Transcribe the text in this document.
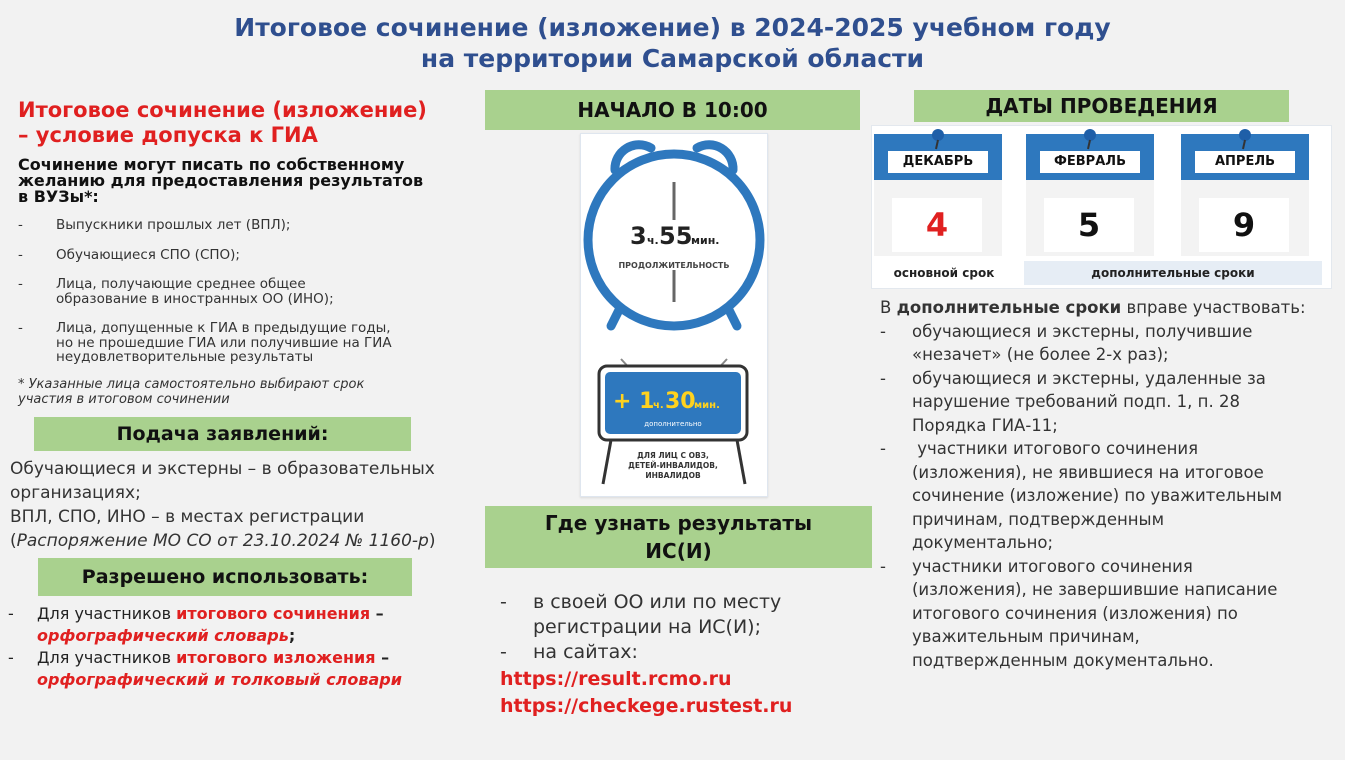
Итоговое сочинение (изложение) в 2024-2025 учебном году
на территории Самарской области
Итоговое сочинение (изложение)
– условие допуска к ГИА
Сочинение могут писать по собственному
желанию для предоставления результатов
в ВУЗы*:
- Выпускники прошлых лет (ВПЛ);
- Обучающиеся СПО (СПО);
- Лица, получающие среднее общее
образование в иностранных ОО (ИНО);
- Лица, допущенные к ГИА в предыдущие годы,
но не прошедшие ГИА или получившие на ГИА
неудовлетворительные результаты
* Указанные лица самостоятельно выбирают срок
участия в итоговом сочинении
Подача заявлений:
Обучающиеся и экстерны – в образовательных
организациях;
ВПЛ, СПО, ИНО – в местах регистрации
(Распоряжение МО СО от 23.10.2024 № 1160-р)
Разрешено использовать:
- Для участников итогового сочинения –
орфографический словарь;
- Для участников итогового изложения –
орфографический и толковый словари
НАЧАЛО В 10:00
3 ч. 55
мин.
ПРОДОЛЖИТЕЛЬНОСТЬ
+ 1
ч. 30
мин.
дополнительно
ДЛЯ ЛИЦ С ОВЗ,
ДЕТЕЙ-ИНВАЛИДОВ,
ИНВАЛИДОВ
Где узнать результаты
ИС(И)
- в своей ОО или по месту
регистрации на ИС(И);
- на сайтах:
https://result.rcmo.ru
https://checkege.rustest.ru
ДАТЫ ПРОВЕДЕНИЯ
ДЕКАБРЬ
4
ФЕВРАЛЬ
5
АПРЕЛЬ
9
основной срок	дополнительные сроки
В дополнительные сроки вправе участвовать:
- обучающиеся и экстерны, получившие
«незачет» (не более 2-х раз);
- обучающиеся и экстерны, удаленные за
нарушение требований подп. 1, п. 28
Порядка ГИА-11;
- участники итогового сочинения
(изложения), не явившиеся на итоговое
сочинение (изложение) по уважительным
причинам, подтвержденным
документально;
- участники итогового сочинения
(изложения), не завершившие написание
итогового сочинения (изложения) по
уважительным причинам,
подтвержденным документально.
